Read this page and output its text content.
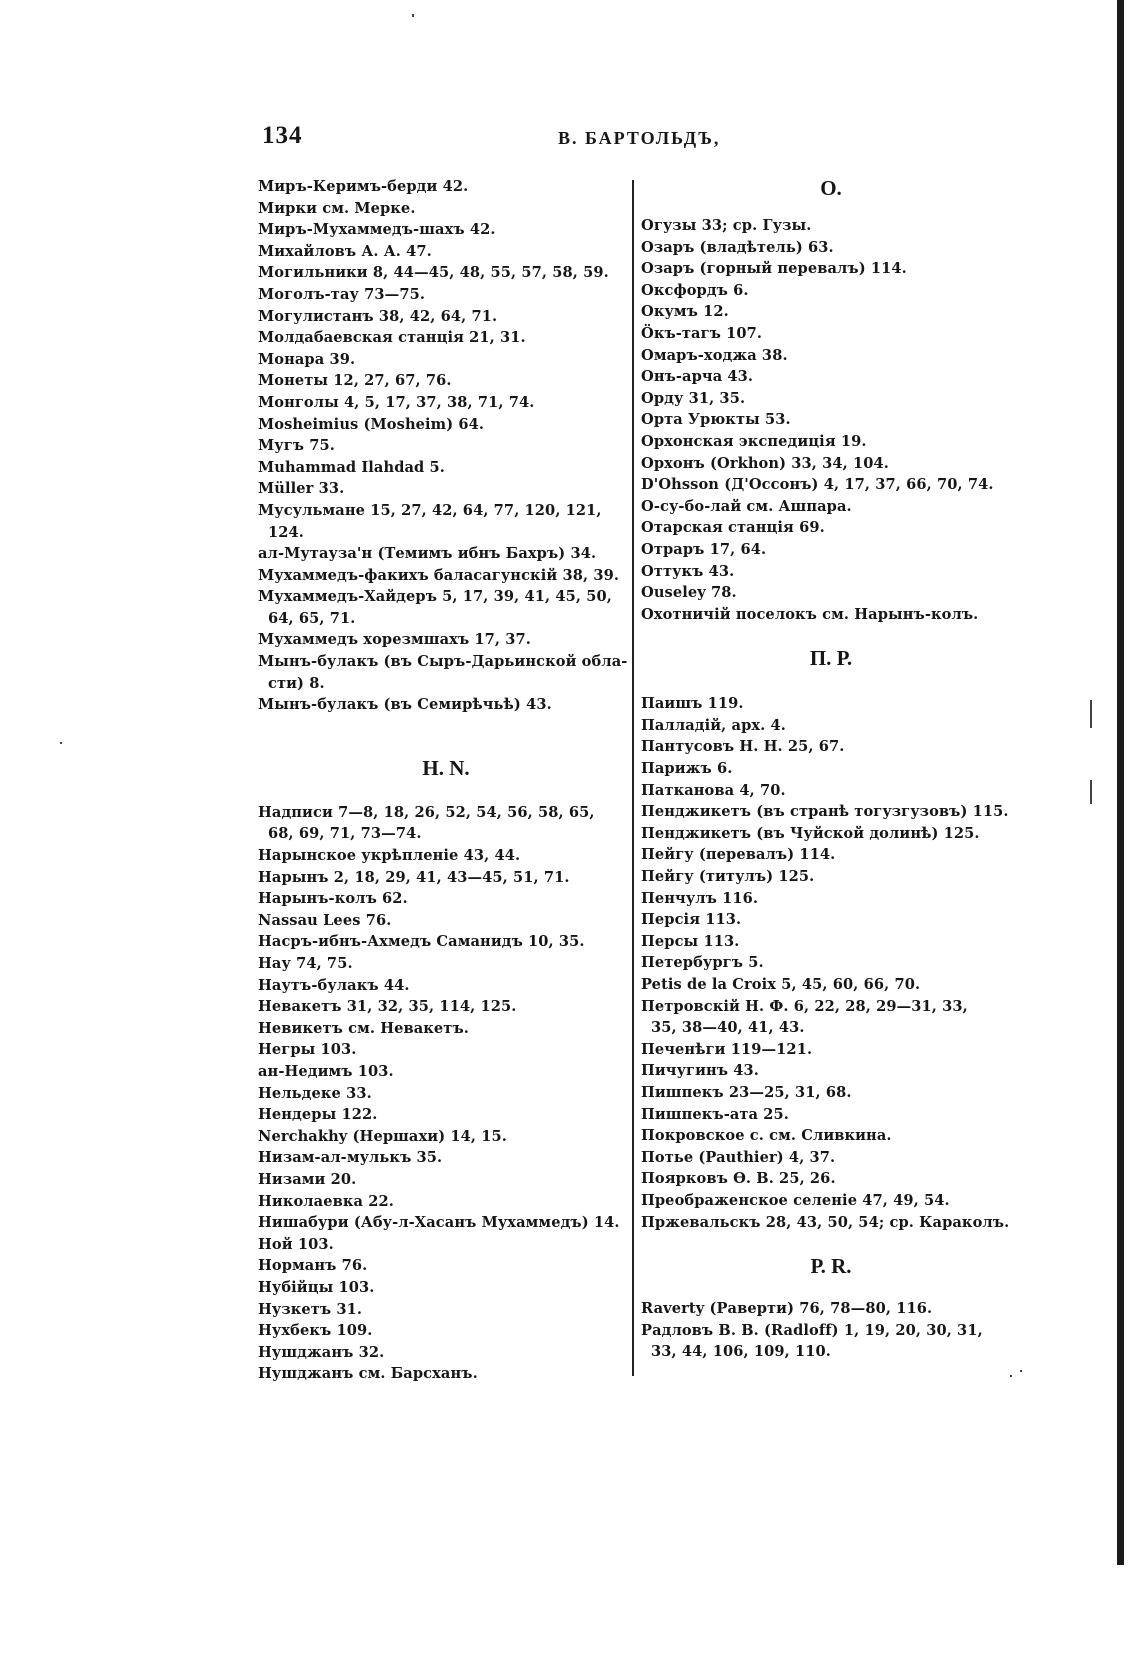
134	В. БАРТОЛЬДЪ,
Миръ-Керимъ-берди 42.
Мирки см. Мерке.
Миръ-Мухаммедъ-шахъ 42.
Михайловъ А. А. 47.
Могильники 8, 44—45, 48, 55, 57, 58, 59.
Моголъ-тау 73—75.
Могулистанъ 38, 42, 64, 71.
Молдабаевская станція 21, 31.
Монара 39.
Монеты 12, 27, 67, 76.
Монголы 4, 5, 17, 37, 38, 71, 74.
Mosheimius (Mosheim) 64.
Мугъ 75.
Muhammad Ilahdad 5.
Müller 33.
Мусульмане 15, 27, 42, 64, 77, 120, 121,
124.
ал-Мутауза'н (Темимъ ибнъ Бахръ) 34.
Мухаммедъ-факихъ баласагунскій 38, 39.
Мухаммедъ-Хайдеръ 5, 17, 39, 41, 45, 50,
64, 65, 71.
Мухаммедъ хорезмшахъ 17, 37.
Мынъ-булакъ (въ Сыръ-Дарьинской обла-
сти) 8.
Мынъ-булакъ (въ Семирѣчьѣ) 43.
Н. N.
Надписи 7—8, 18, 26, 52, 54, 56, 58, 65,
68, 69, 71, 73—74.
Нарынское укрѣпленіе 43, 44.
Нарынъ 2, 18, 29, 41, 43—45, 51, 71.
Нарынъ-колъ 62.
Nassau Lees 76.
Насръ-ибнъ-Ахмедъ Саманидъ 10, 35.
Нау 74, 75.
Наутъ-булакъ 44.
Невакетъ 31, 32, 35, 114, 125.
Невикетъ см. Невакетъ.
Негры 103.
ан-Недимъ 103.
Нельдеке 33.
Нендеры 122.
Nerchakhy (Нершахи) 14, 15.
Низам-ал-мулькъ 35.
Низами 20.
Николаевка 22.
Нишабури (Абу-л-Хасанъ Мухаммедъ) 14.
Ной 103.
Норманъ 76.
Нубійцы 103.
Нузкетъ 31.
Нухбекъ 109.
Нушджанъ 32.
Нушджанъ см. Барсханъ.
О.
Огузы 33; ср. Гузы.
Озаръ (владѣтель) 63.
Озаръ (горный перевалъ) 114.
Оксфордъ 6.
Окумъ 12.
Öкъ-тагъ 107.
Омаръ-ходжа 38.
Онъ-арча 43.
Орду 31, 35.
Орта Урюкты 53.
Орхонская экспедиція 19.
Орхонъ (Orkhon) 33, 34, 104.
D'Ohsson (Д'Оссонъ) 4, 17, 37, 66, 70, 74.
О-су-бо-лай см. Ашпара.
Отарская станція 69.
Отраръ 17, 64.
Оттукъ 43.
Ouseley 78.
Охотничій поселокъ см. Нарынъ-колъ.
П. Р.
Паишъ 119.
Палладій, арх. 4.
Пантусовъ Н. Н. 25, 67.
Парижъ 6.
Патканова 4, 70.
Пенджикетъ (въ странѣ тогузгузовъ) 115.
Пенджикетъ (въ Чуйской долинѣ) 125.
Пейгу (перевалъ) 114.
Пейгу (титулъ) 125.
Пенчулъ 116.
Персія 113.
Персы 113.
Петербургъ 5.
Petis de la Croix 5, 45, 60, 66, 70.
Петровскій Н. Ф. 6, 22, 28, 29—31, 33,
35, 38—40, 41, 43.
Печенѣги 119—121.
Пичугинъ 43.
Пишпекъ 23—25, 31, 68.
Пишпекъ-ата 25.
Покровское с. см. Сливкина.
Потье (Pauthier) 4, 37.
Поярковъ Ѳ. В. 25, 26.
Преображенское селеніе 47, 49, 54.
Пржевальскъ 28, 43, 50, 54; ср. Караколъ.
Р. R.
Raverty (Раверти) 76, 78—80, 116.
Радловъ В. В. (Radloff) 1, 19, 20, 30, 31,
33, 44, 106, 109, 110.
